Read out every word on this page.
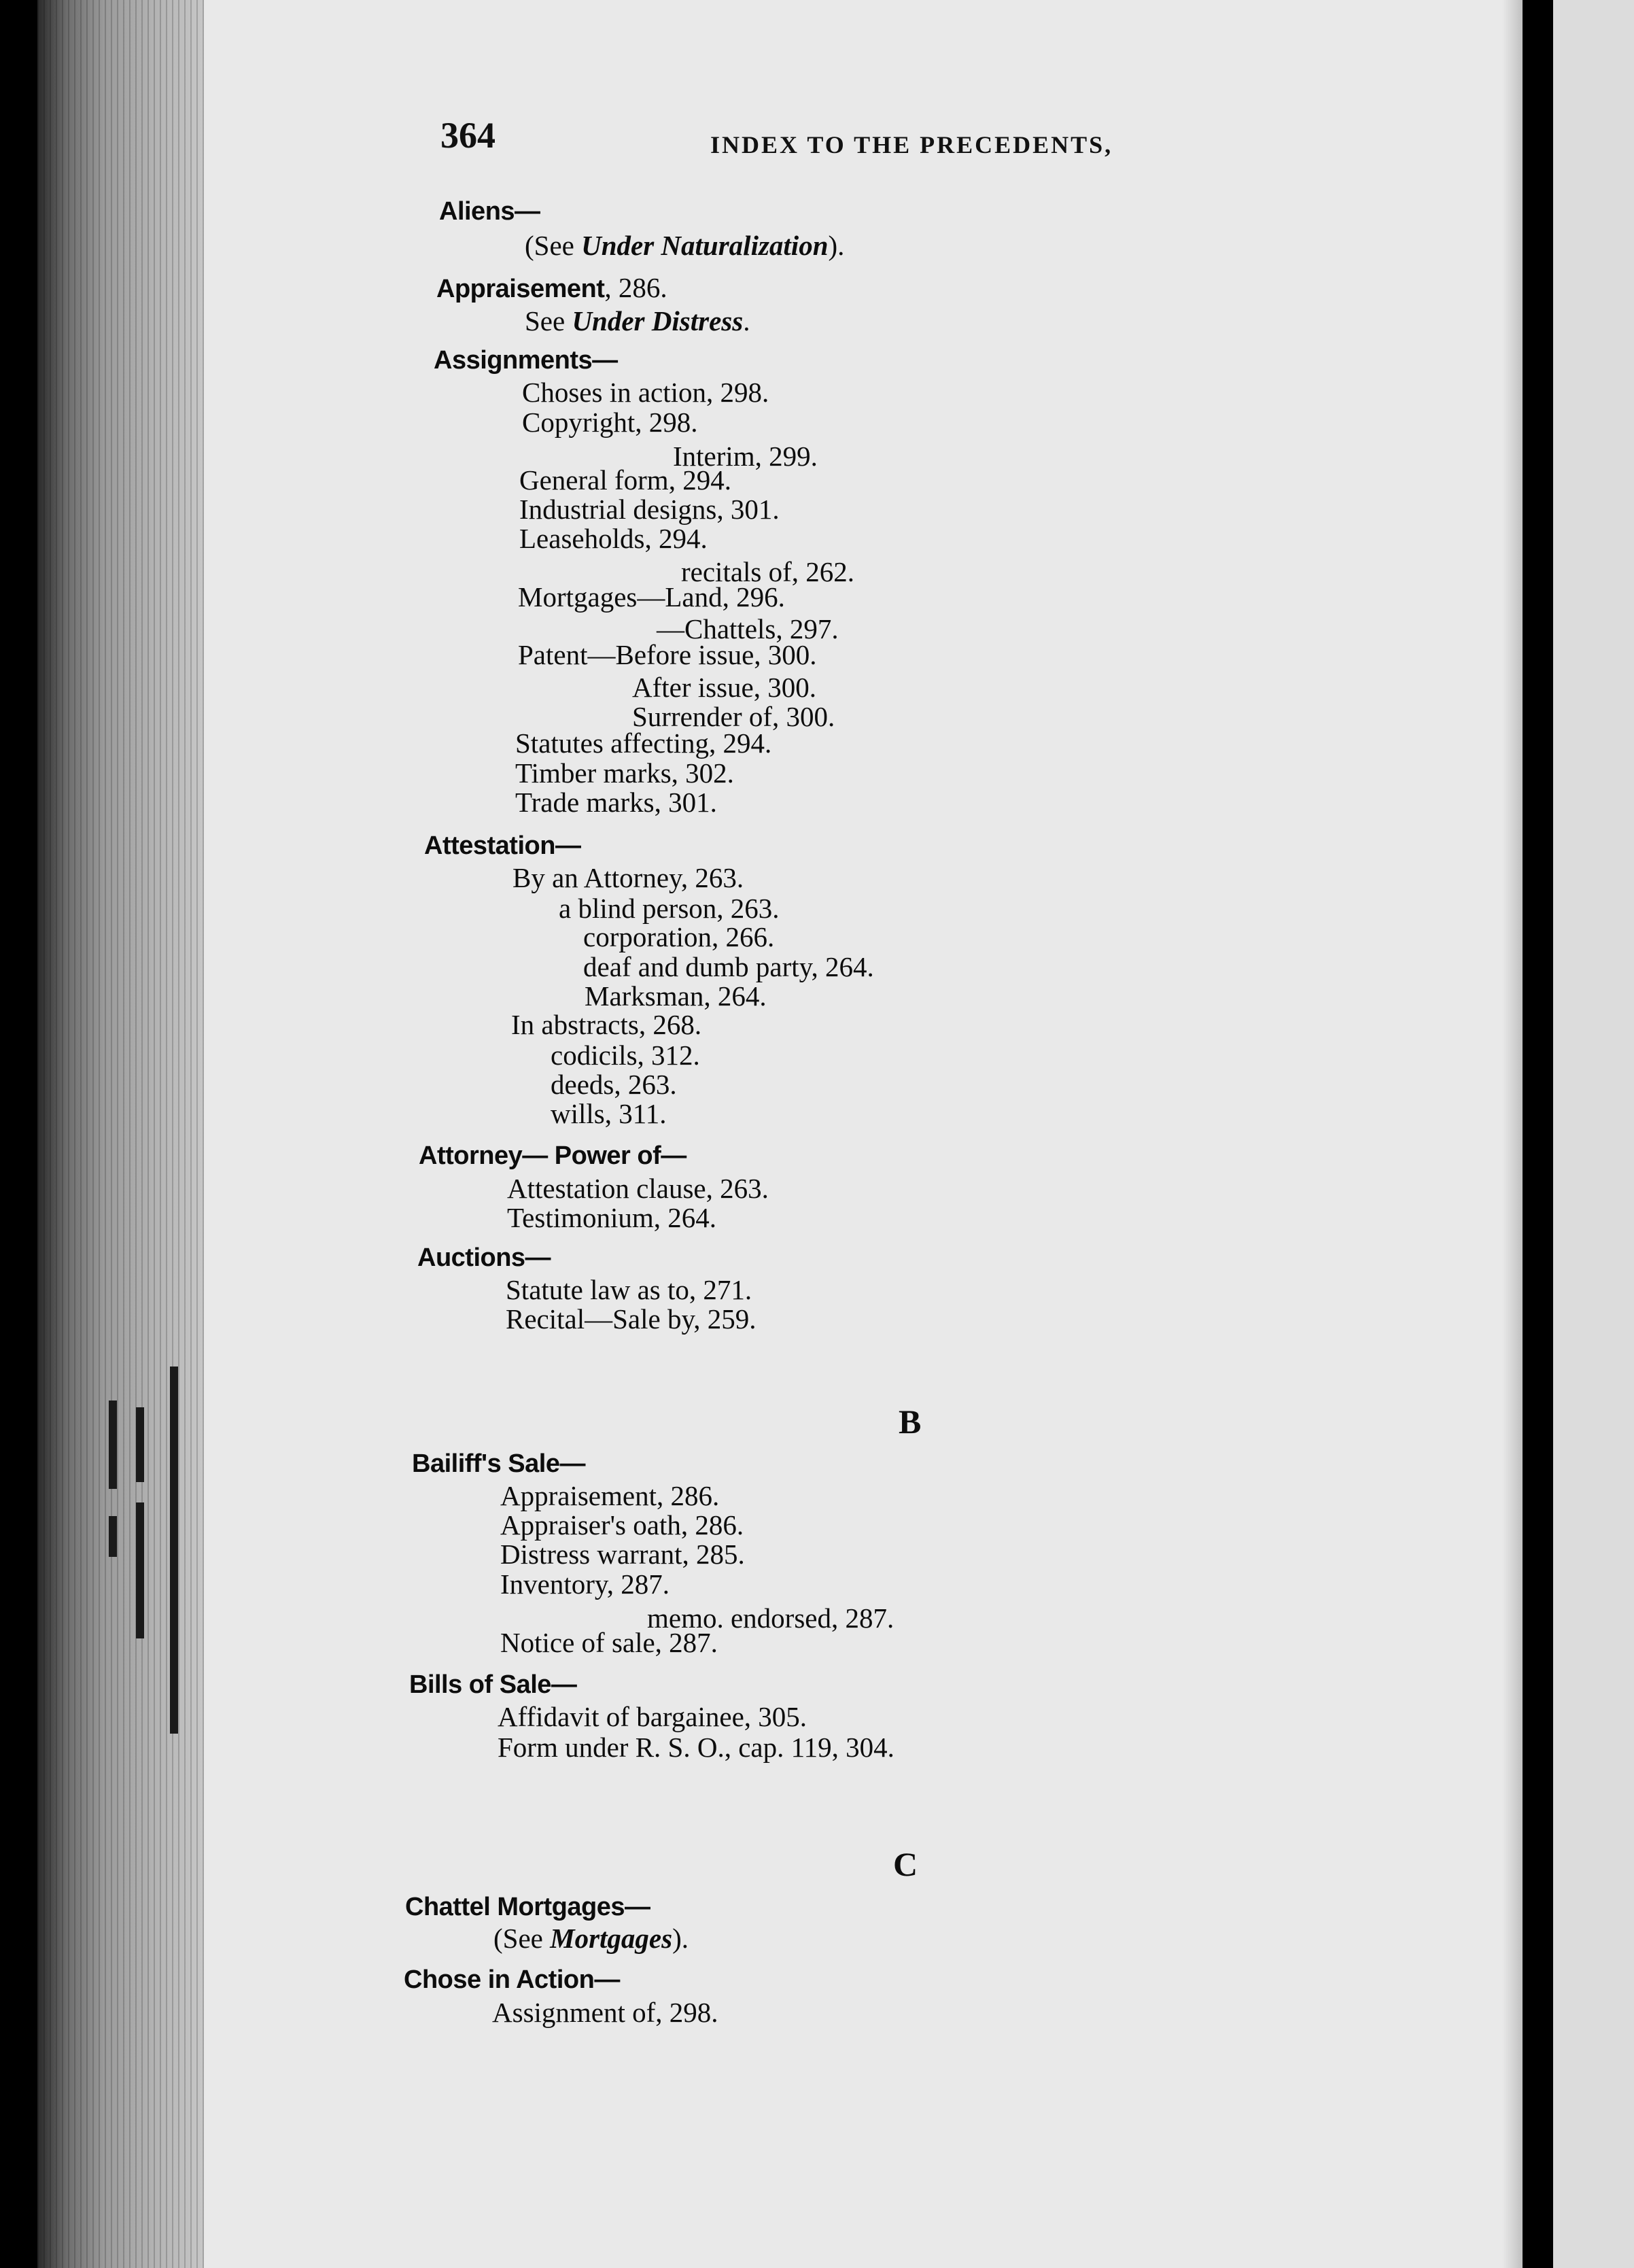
364	INDEX TO THE PRECEDENTS,
Aliens—
(See Under Naturalization).
Appraisement, 286.
See Under Distress.
Assignments—
Choses in action, 298.
Copyright, 298.
Interim, 299.
General form, 294.
Industrial designs, 301.
Leaseholds, 294.
recitals of, 262.
Mortgages—Land, 296.
—Chattels, 297.
Patent—Before issue, 300.
After issue, 300.
Surrender of, 300.
Statutes affecting, 294.
Timber marks, 302.
Trade marks, 301.
Attestation—
By an Attorney, 263.
a blind person, 263.
corporation, 266.
deaf and dumb party, 264.
Marksman, 264.
In abstracts, 268.
codicils, 312.
deeds, 263.
wills, 311.
Attorney— Power of—
Attestation clause, 263.
Testimonium, 264.
Auctions—
Statute law as to, 271.
Recital—Sale by, 259.
B
Bailiff's Sale—
Appraisement, 286.
Appraiser's oath, 286.
Distress warrant, 285.
Inventory, 287.
memo. endorsed, 287.
Notice of sale, 287.
Bills of Sale—
Affidavit of bargainee, 305.
Form under R. S. O., cap. 119, 304.
C
Chattel Mortgages—
(See Mortgages).
Chose in Action—
Assignment of, 298.
